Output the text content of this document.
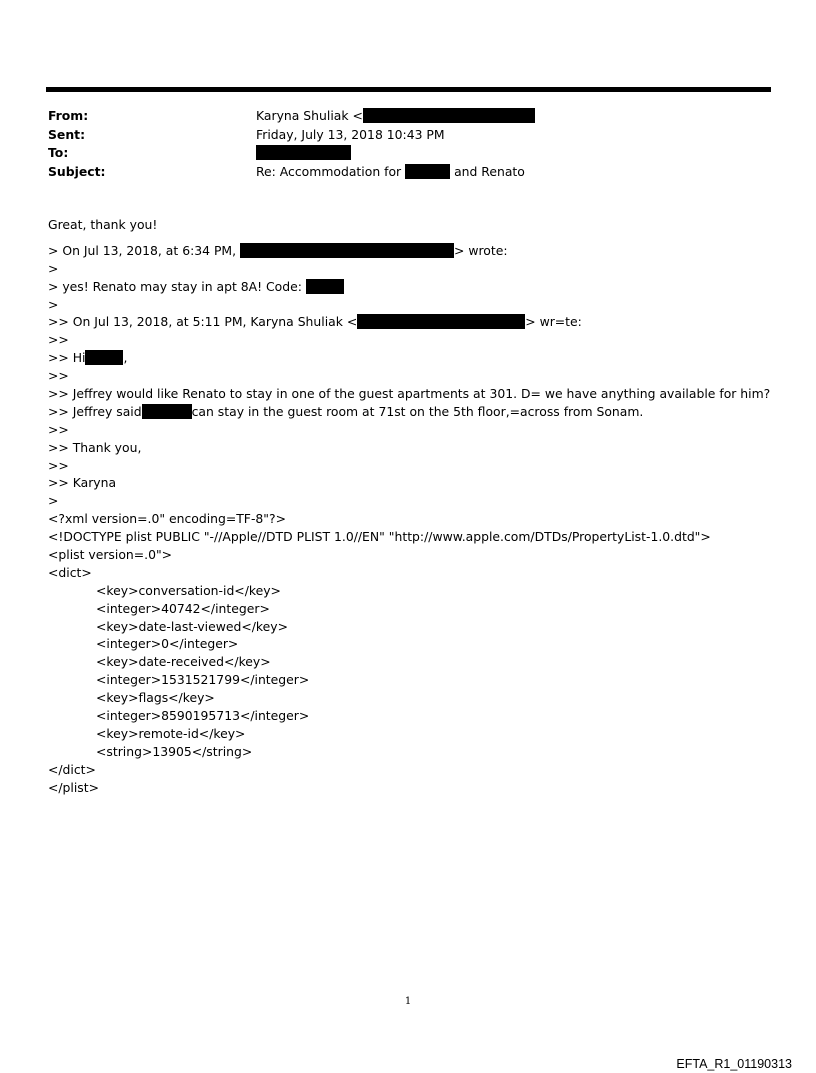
From:	Karyna Shuliak <
Sent:	Friday, July 13, 2018 10:43 PM
To:
Subject:	Re: Accommodation for	and Renato
Great, thank you!
> On Jul 13, 2018, at 6:34 PM,	> wrote:
>
> yes! Renato may stay in apt 8A! Code:
>
>> On Jul 13, 2018, at 5:11 PM, Karyna Shuliak <	> wr=te:
>>
>> Hi	,
>>
>> Jeffrey would like Renato to stay in one of the guest apartments at 301. D= we have anything available for him?
>> Jeffrey said	can stay in the guest room at 71st on the 5th floor,=across from Sonam.
>>
>> Thank you,
>>
>> Karyna
>
<?xml version=.0" encoding=TF-8"?>
<!DOCTYPE plist PUBLIC "-//Apple//DTD PLIST 1.0//EN" "http://www.apple.com/DTDs/PropertyList-1.0.dtd">
<plist version=.0">
<dict>
<key>conversation-id</key>
<integer>40742</integer>
<key>date-last-viewed</key>
<integer>0</integer>
<key>date-received</key>
<integer>1531521799</integer>
<key>flags</key>
<integer>8590195713</integer>
<key>remote-id</key>
<string>13905</string>
</dict>
</plist>
1
EFTA_R1_01190313
